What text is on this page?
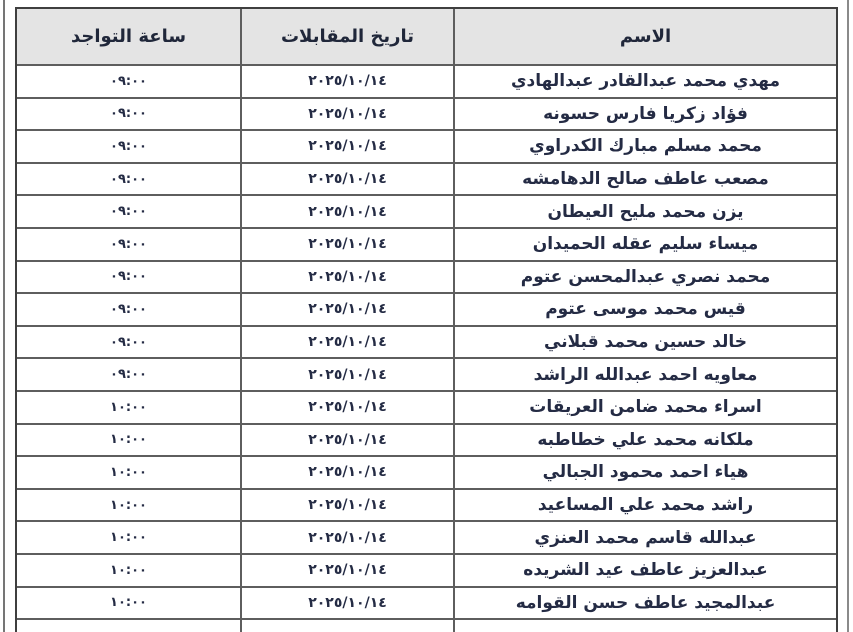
الاسم
تاريخ المقابلات
ساعة التواجد
مهدي محمد عبدالقادر عبدالهادي
٢٠٢٥/١٠/١٤
٠٩:٠٠
فؤاد زكريا فارس حسونه
٢٠٢٥/١٠/١٤
٠٩:٠٠
محمد مسلم مبارك الكدراوي
٢٠٢٥/١٠/١٤
٠٩:٠٠
مصعب عاطف صالح الدهامشه
٢٠٢٥/١٠/١٤
٠٩:٠٠
يزن محمد مليح العيطان
٢٠٢٥/١٠/١٤
٠٩:٠٠
ميساء سليم عقله الحميدان
٢٠٢٥/١٠/١٤
٠٩:٠٠
محمد نصري عبدالمحسن عتوم
٢٠٢٥/١٠/١٤
٠٩:٠٠
قيس محمد موسى عتوم
٢٠٢٥/١٠/١٤
٠٩:٠٠
خالد حسين محمد قبلاني
٢٠٢٥/١٠/١٤
٠٩:٠٠
معاويه احمد عبدالله الراشد
٢٠٢٥/١٠/١٤
٠٩:٠٠
اسراء محمد ضامن العريقات
٢٠٢٥/١٠/١٤
١٠:٠٠
ملكانه محمد علي خطاطبه
٢٠٢٥/١٠/١٤
١٠:٠٠
هياء احمد محمود الجبالي
٢٠٢٥/١٠/١٤
١٠:٠٠
راشد محمد علي المساعيد
٢٠٢٥/١٠/١٤
١٠:٠٠
عبدالله قاسم محمد العنزي
٢٠٢٥/١٠/١٤
١٠:٠٠
عبدالعزيز عاطف عيد الشريده
٢٠٢٥/١٠/١٤
١٠:٠٠
عبدالمجيد عاطف حسن القوامه
٢٠٢٥/١٠/١٤
١٠:٠٠
